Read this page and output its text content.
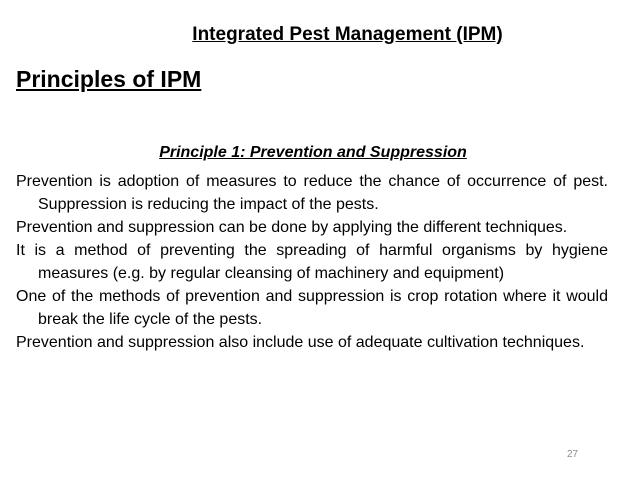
Integrated Pest Management (IPM)
Principles of IPM
Principle 1: Prevention and Suppression
Prevention is adoption of measures to reduce the chance of occurrence of pest. Suppression is reducing the impact of the pests.
Prevention and suppression can be done by applying the different techniques.
It is a method of preventing the spreading of harmful organisms by hygiene measures (e.g. by regular cleansing of machinery and equipment)
One of the methods of prevention and suppression is crop rotation where it would break the life cycle of the pests.
Prevention and suppression also include use of adequate cultivation techniques.
27
